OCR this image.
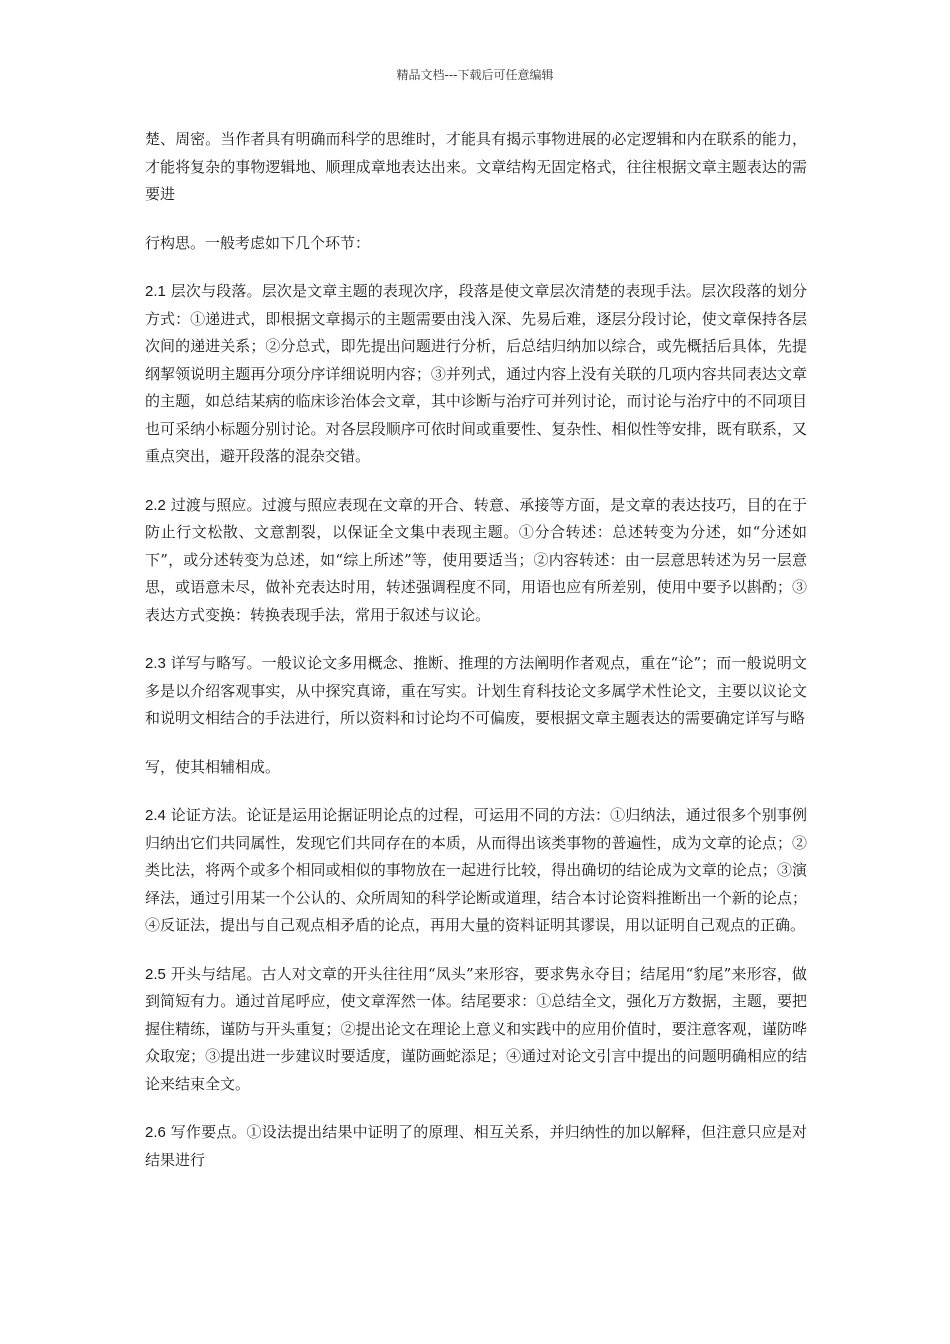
精品文档---下载后可任意编辑

楚、周密。当作者具有明确而科学的思维时，才能具有揭示事物进展的必定逻辑和内在联系的能力，才能将复杂的事物逻辑地、顺理成章地表达出来。文章结构无固定格式，往往根据文章主题表达的需要进

行构思。一般考虑如下几个环节：

2.1 层次与段落。层次是文章主题的表现次序，段落是使文章层次清楚的表现手法。层次段落的划分方式：①递进式，即根据文章揭示的主题需要由浅入深、先易后难，逐层分段讨论，使文章保持各层次间的递进关系；②分总式，即先提出问题进行分析，后总结归纳加以综合，或先概括后具体，先提纲挈领说明主题再分项分序详细说明内容；③并列式，通过内容上没有关联的几项内容共同表达文章的主题，如总结某病的临床诊治体会文章，其中诊断与治疗可并列讨论，而讨论与治疗中的不同项目也可采纳小标题分别讨论。对各层段顺序可依时间或重要性、复杂性、相似性等安排，既有联系，又重点突出，避开段落的混杂交错。

2.2 过渡与照应。过渡与照应表现在文章的开合、转意、承接等方面，是文章的表达技巧，目的在于防止行文松散、文意割裂，以保证全文集中表现主题。①分合转述：总述转变为分述，如“分述如下”，或分述转变为总述，如“综上所述”等，使用要适当；②内容转述：由一层意思转述为另一层意思，或语意未尽，做补充表达时用，转述强调程度不同，用语也应有所差别，使用中要予以斟酌；③表达方式变换：转换表现手法，常用于叙述与议论。

2.3 详写与略写。一般议论文多用概念、推断、推理的方法阐明作者观点，重在“论”；而一般说明文多是以介绍客观事实，从中探究真谛，重在写实。计划生育科技论文多属学术性论文，主要以议论文和说明文相结合的手法进行，所以资料和讨论均不可偏废，要根据文章主题表达的需要确定详写与略

写，使其相辅相成。

2.4 论证方法。论证是运用论据证明论点的过程，可运用不同的方法：①归纳法，通过很多个别事例归纳出它们共同属性，发现它们共同存在的本质，从而得出该类事物的普遍性，成为文章的论点；②类比法，将两个或多个相同或相似的事物放在一起进行比较，得出确切的结论成为文章的论点；③演绎法，通过引用某一个公认的、众所周知的科学论断或道理，结合本讨论资料推断出一个新的论点；④反证法，提出与自己观点相矛盾的论点，再用大量的资料证明其谬误，用以证明自己观点的正确。

2.5 开头与结尾。古人对文章的开头往往用“凤头”来形容，要求隽永夺目；结尾用“豹尾”来形容，做到简短有力。通过首尾呼应，使文章浑然一体。结尾要求：①总结全文，强化万方数据，主题，要把握住精练，谨防与开头重复；②提出论文在理论上意义和实践中的应用价值时，要注意客观，谨防哗众取宠；③提出进一步建议时要适度，谨防画蛇添足；④通过对论文引言中提出的问题明确相应的结论来结束全文。

2.6 写作要点。①设法提出结果中证明了的原理、相互关系，并归纳性的加以解释，但注意只应是对结果进行
